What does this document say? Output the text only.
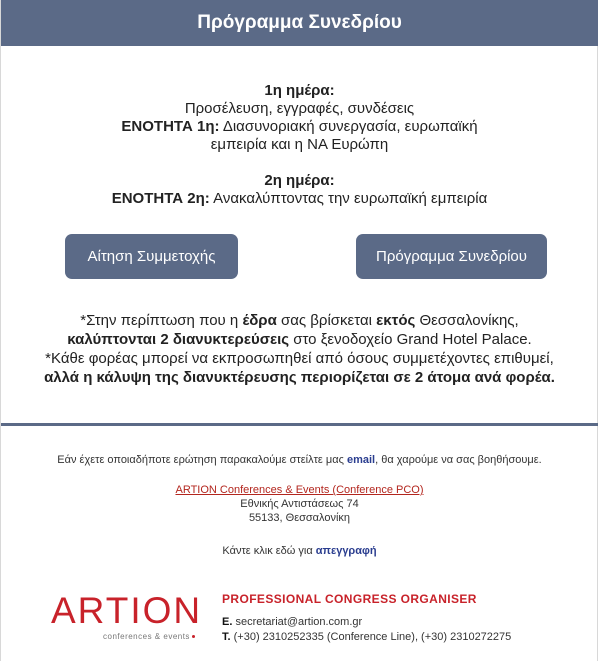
Πρόγραμμα Συνεδρίου
1η ημέρα:
Προσέλευση, εγγραφές, συνδέσεις
ΕΝΟΤΗΤΑ 1η: Διασυνοριακή συνεργασία, ευρωπαϊκή
εμπειρία και η ΝΑ Ευρώπη
2η ημέρα:
ΕΝΟΤΗΤΑ 2η: Ανακαλύπτοντας την ευρωπαϊκή εμπειρία
Αίτηση Συμμετοχής	Πρόγραμμα Συνεδρίου
*Στην περίπτωση που η έδρα σας βρίσκεται εκτός Θεσσαλονίκης,
καλύπτονται 2 διανυκτερεύσεις στο ξενοδοχείο Grand Hotel Palace.
*Κάθε φορέας μπορεί να εκπροσωπηθεί από όσους συμμετέχοντες επιθυμεί,
αλλά η κάλυψη της διανυκτέρευσης περιορίζεται σε 2 άτομα ανά φορέα.
Εάν έχετε οποιαδήποτε ερώτηση παρακαλούμε στείλτε μας email, θα χαρούμε να σας βοηθήσουμε.
ARTION Conferences & Events (Conference PCO)
Εθνικής Αντιστάσεως 74
55133, Θεσσαλονίκη
Κάντε κλικ εδώ για απεγγραφή
ARTION
conferences & events
PROFESSIONAL CONGRESS ORGANISER
E. secretariat@artion.com.gr
T. (+30) 2310252335 (Conference Line), (+30) 2310272275
